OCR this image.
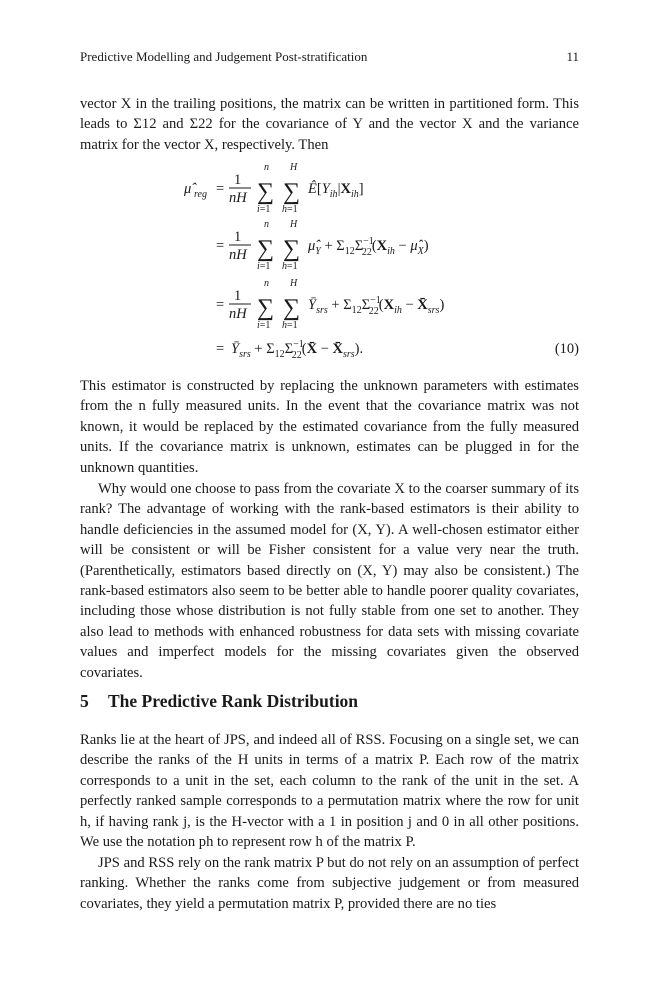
Predictive Modelling and Judgement Post-stratification	11

vector X in the trailing positions, the matrix can be written in partitioned form. This leads to Σ12 and Σ22 for the covariance of Y and the vector X and the variance matrix for the vector X, respectively. Then

μ̂ reg =
1
nH
n
∑
i=1
H
∑
h=1
$Ê[Y_{ih}|X_{ih}]$
=
1
nH
n
∑
i=1
H
∑
h=1
$\mû_Y + \Sigma_{12}\Sigma^{-1}$ $22(X_{ih}$ − $\mû_X$)
=
1
nH
n
∑
i=1
H
∑
h=1
$Ȳ_{srs} + \Sigma_{12}\Sigma^{-1}$ $22(X_{ih}$ − $X̄_{srs}$)
= $Ȳ_{srs} + \Sigma_{12}\Sigma^{-1}$ 22(X̄ − $X̄_{srs}$).	(10)

This estimator is constructed by replacing the unknown parameters with estimates from the n fully measured units. In the event that the covariance matrix was not known, it would be replaced by the estimated covariance from the fully measured units. If the covariance matrix is unknown, estimates can be plugged in for the unknown quantities.

Why would one choose to pass from the covariate X to the coarser summary of its rank? The advantage of working with the rank-based estimators is their ability to handle deficiencies in the assumed model for (X, Y). A well-chosen estimator either will be consistent or will be Fisher consistent for a value very near the truth. (Parenthetically, estimators based directly on (X, Y) may also be consistent.) The rank-based estimators also seem to be better able to handle poorer quality covariates, including those whose distribution is not fully stable from one set to another. They also lead to methods with enhanced robustness for data sets with missing covariate values and imperfect models for the missing covariates given the observed covariates.

5 The Predictive Rank Distribution

Ranks lie at the heart of JPS, and indeed all of RSS. Focusing on a single set, we can describe the ranks of the H units in terms of a matrix P. Each row of the matrix corresponds to a unit in the set, each column to the rank of the unit in the set. A perfectly ranked sample corresponds to a permutation matrix where the row for unit h, if having rank j, is the H-vector with a 1 in position j and 0 in all other positions. We use the notation ph to represent row h of the matrix P.

JPS and RSS rely on the rank matrix P but do not rely on an assumption of perfect ranking. Whether the ranks come from subjective judgement or from measured covariates, they yield a permutation matrix P, provided there are no ties
